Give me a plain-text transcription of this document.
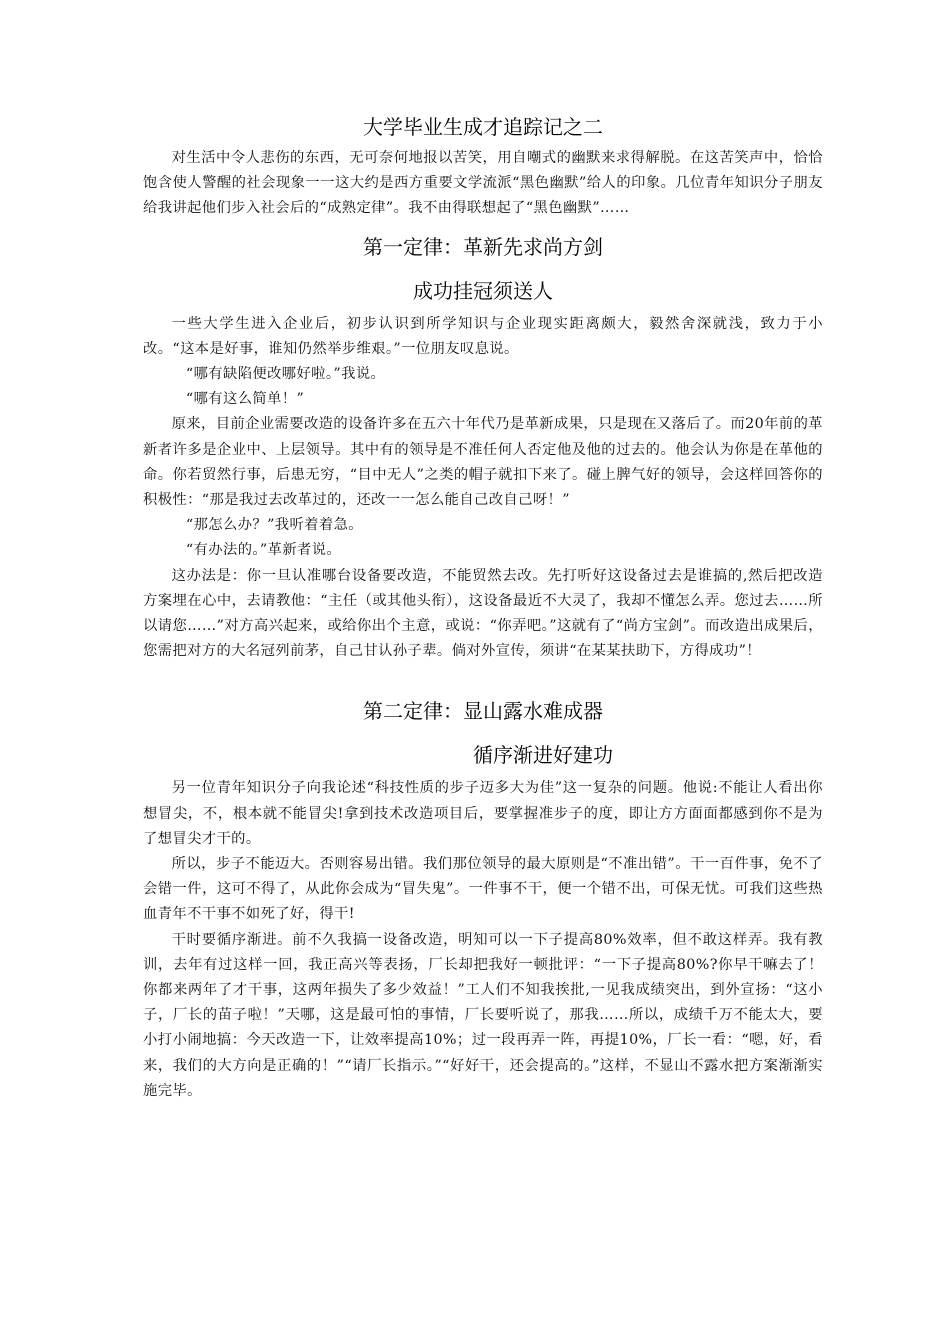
大学毕业生成才追踪记之二

对生活中令人悲伤的东西，无可奈何地报以苦笑，用自嘲式的幽默来求得解脱。在这苦笑声中，恰恰饱含使人警醒的社会现象一一这大约是西方重要文学流派“黑色幽默”给人的印象。几位青年知识分子朋友给我讲起他们步入社会后的“成熟定律”。我不由得联想起了“黑色幽默”……

第一定律：革新先求尚方剑
成功挂冠须送人

一些大学生进入企业后，初步认识到所学知识与企业现实距离颇大，毅然舍深就浅，致力于小改。“这本是好事，谁知仍然举步维艰。”一位朋友叹息说。

“哪有缺陷便改哪好啦。”我说。

“哪有这么简单！”

原来，目前企业需要改造的设备许多在五六十年代乃是革新成果，只是现在又落后了。而20年前的革新者许多是企业中、上层领导。其中有的领导是不准任何人否定他及他的过去的。他会认为你是在革他的命。你若贸然行事，后患无穷，“目中无人”之类的帽子就扣下来了。碰上脾气好的领导，会这样回答你的积极性：“那是我过去改革过的，还改一一怎么能自己改自己呀！”

“那怎么办？”我听着着急。

“有办法的。”革新者说。

这办法是：你一旦认准哪台设备要改造，不能贸然去改。先打听好这设备过去是谁搞的,然后把改造方案埋在心中，去请教他：“主任（或其他头衔），这设备最近不大灵了，我却不懂怎么弄。您过去……所以请您……”对方高兴起来，或给你出个主意，或说：“你弄吧。”这就有了“尚方宝剑”。而改造出成果后，您需把对方的大名冠列前茅，自己甘认孙子辈。倘对外宣传，须讲“在某某扶助下，方得成功”！

第二定律：显山露水难成器
循序渐进好建功

另一位青年知识分子向我论述“科技性质的步子迈多大为佳”这一复杂的问题。他说:不能让人看出你想冒尖，不，根本就不能冒尖!拿到技术改造项目后，要掌握准步子的度，即让方方面面都感到你不是为了想冒尖才干的。

所以，步子不能迈大。否则容易出错。我们那位领导的最大原则是“不准出错”。干一百件事，免不了会错一件，这可不得了，从此你会成为“冒失鬼”。一件事不干，便一个错不出，可保无忧。可我们这些热血青年不干事不如死了好，得干!

干时要循序渐进。前不久我搞一设备改造，明知可以一下子提高80%效率，但不敢这样弄。我有教训，去年有过这样一回，我正高兴等表扬，厂长却把我好一顿批评：“一下子提高80%?你早干嘛去了！你都来两年了才干事，这两年损失了多少效益！”工人们不知我挨批,一见我成绩突出，到外宣扬：“这小子，厂长的苗子啦！”天哪，这是最可怕的事情，厂长要听说了，那我……所以，成绩千万不能太大，要小打小闹地搞：今天改造一下，让效率提高10%；过一段再弄一阵，再提10%，厂长一看：“嗯，好，看来，我们的大方向是正确的！”“请厂长指示。”“好好干，还会提高的。”这样，不显山不露水把方案渐渐实施完毕。
